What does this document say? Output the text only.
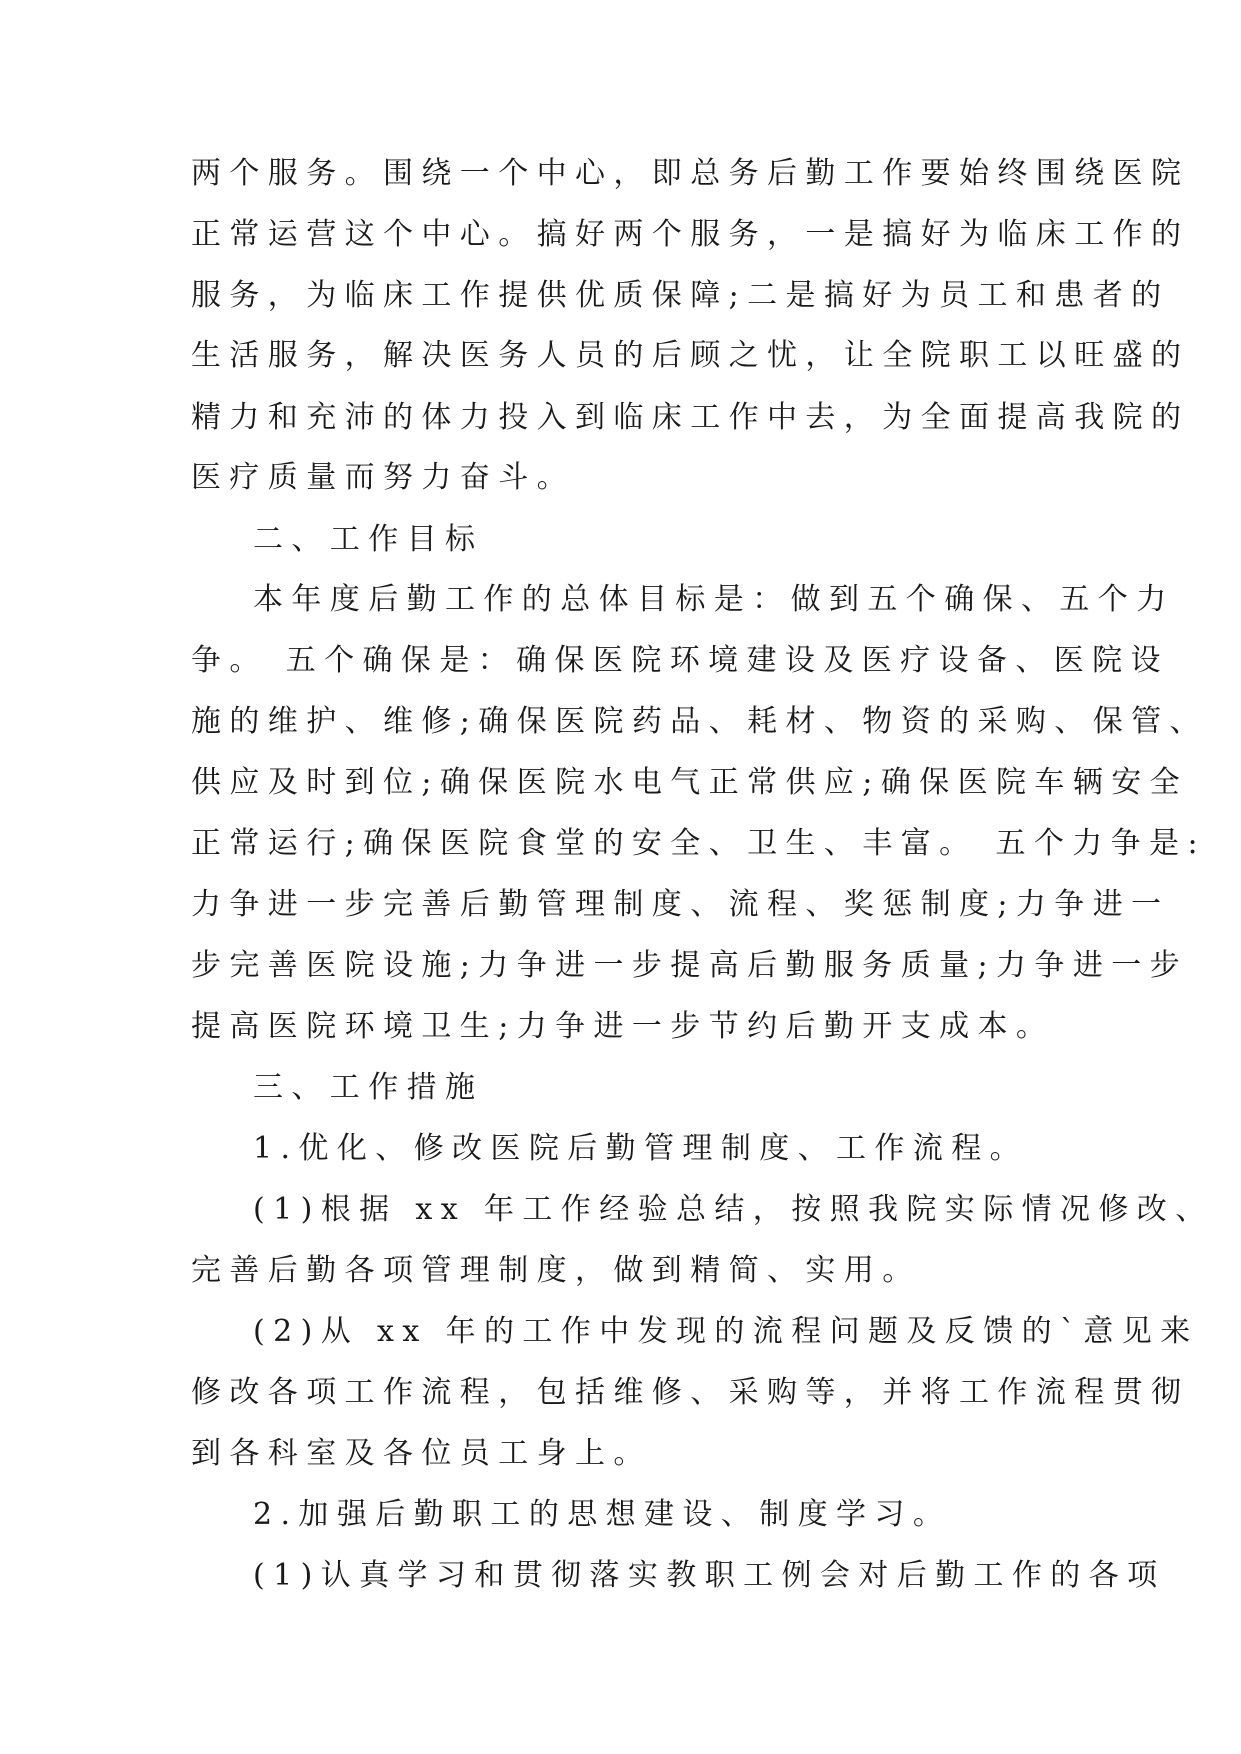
两个服务。围绕一个中心，即总务后勤工作要始终围绕医院

正常运营这个中心。搞好两个服务，一是搞好为临床工作的

服务，为临床工作提供优质保障;二是搞好为员工和患者的

生活服务，解决医务人员的后顾之忧，让全院职工以旺盛的

精力和充沛的体力投入到临床工作中去，为全面提高我院的

医疗质量而努力奋斗。

二、工作目标

本年度后勤工作的总体目标是：做到五个确保、五个力

争。 五个确保是：确保医院环境建设及医疗设备、医院设

施的维护、维修;确保医院药品、耗材、物资的采购、保管、

供应及时到位;确保医院水电气正常供应;确保医院车辆安全

正常运行;确保医院食堂的安全、卫生、丰富。 五个力争是:

力争进一步完善后勤管理制度、流程、奖惩制度;力争进一

步完善医院设施;力争进一步提高后勤服务质量;力争进一步

提高医院环境卫生;力争进一步节约后勤开支成本。

三、工作措施

1.优化、修改医院后勤管理制度、工作流程。

(1)根据 xx 年工作经验总结，按照我院实际情况修改、

完善后勤各项管理制度，做到精简、实用。

(2)从 xx 年的工作中发现的流程问题及反馈的`意见来

修改各项工作流程，包括维修、采购等，并将工作流程贯彻

到各科室及各位员工身上。

2.加强后勤职工的思想建设、制度学习。

(1)认真学习和贯彻落实教职工例会对后勤工作的各项
